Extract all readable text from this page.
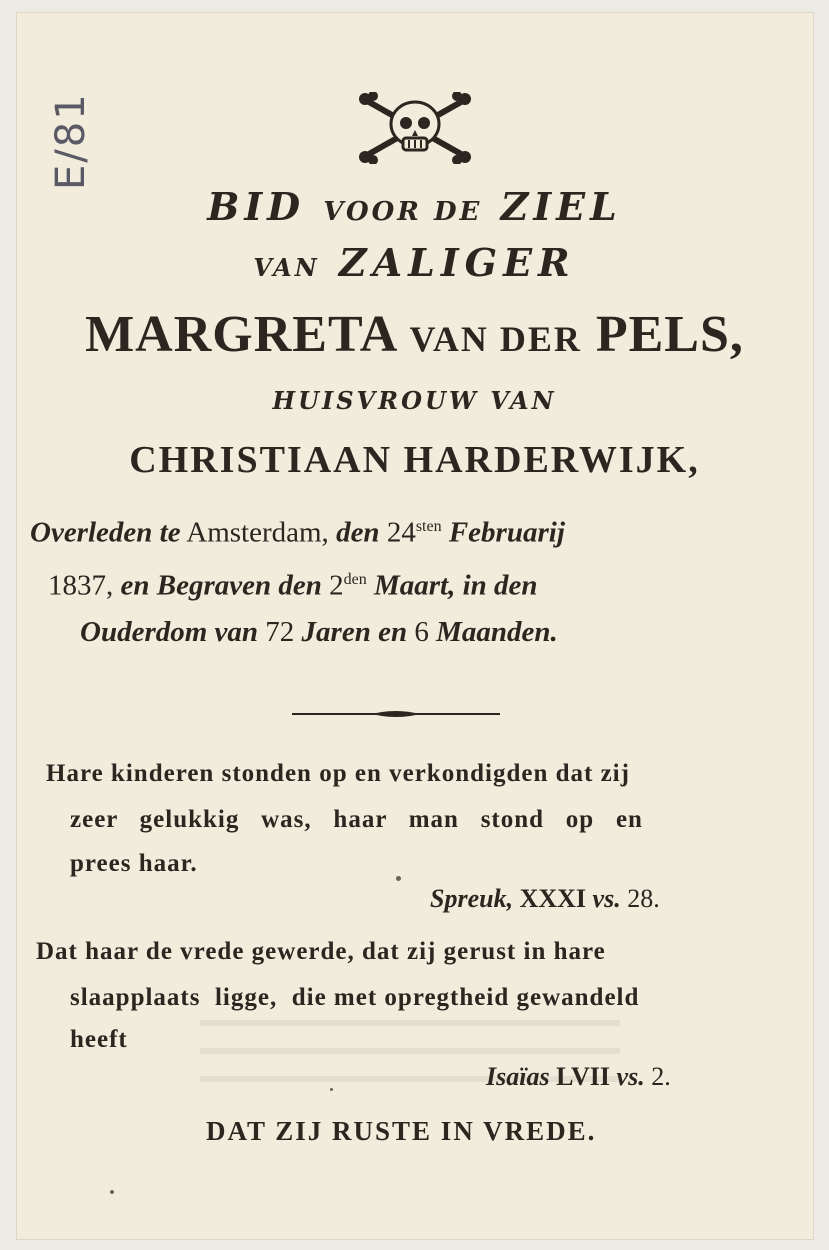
E/81
BID VOOR DE ZIEL
VAN ZALIGER
MARGRETA VAN DER PELS,
HUISVROUW VAN
CHRISTIAAN HARDERWIJK,
Overleden te Amsterdam, den $24^{sten}$ Februarij
1837, en Begraven den $2^{den}$ Maart, in den
Ouderdom van 72 Jaren en 6 Maanden.
Hare kinderen stonden op en verkondigden dat zij
zeer   gelukkig   was,   haar   man   stond   op   en
prees haar.
Spreuk, XXXI vs. 28.
Dat haar de vrede gewerde, dat zij gerust in hare
slaapplaats  ligge,  die met opregtheid gewandeld
heeft
Isaïas LVII vs. 2.
DAT ZIJ RUSTE IN VREDE.
